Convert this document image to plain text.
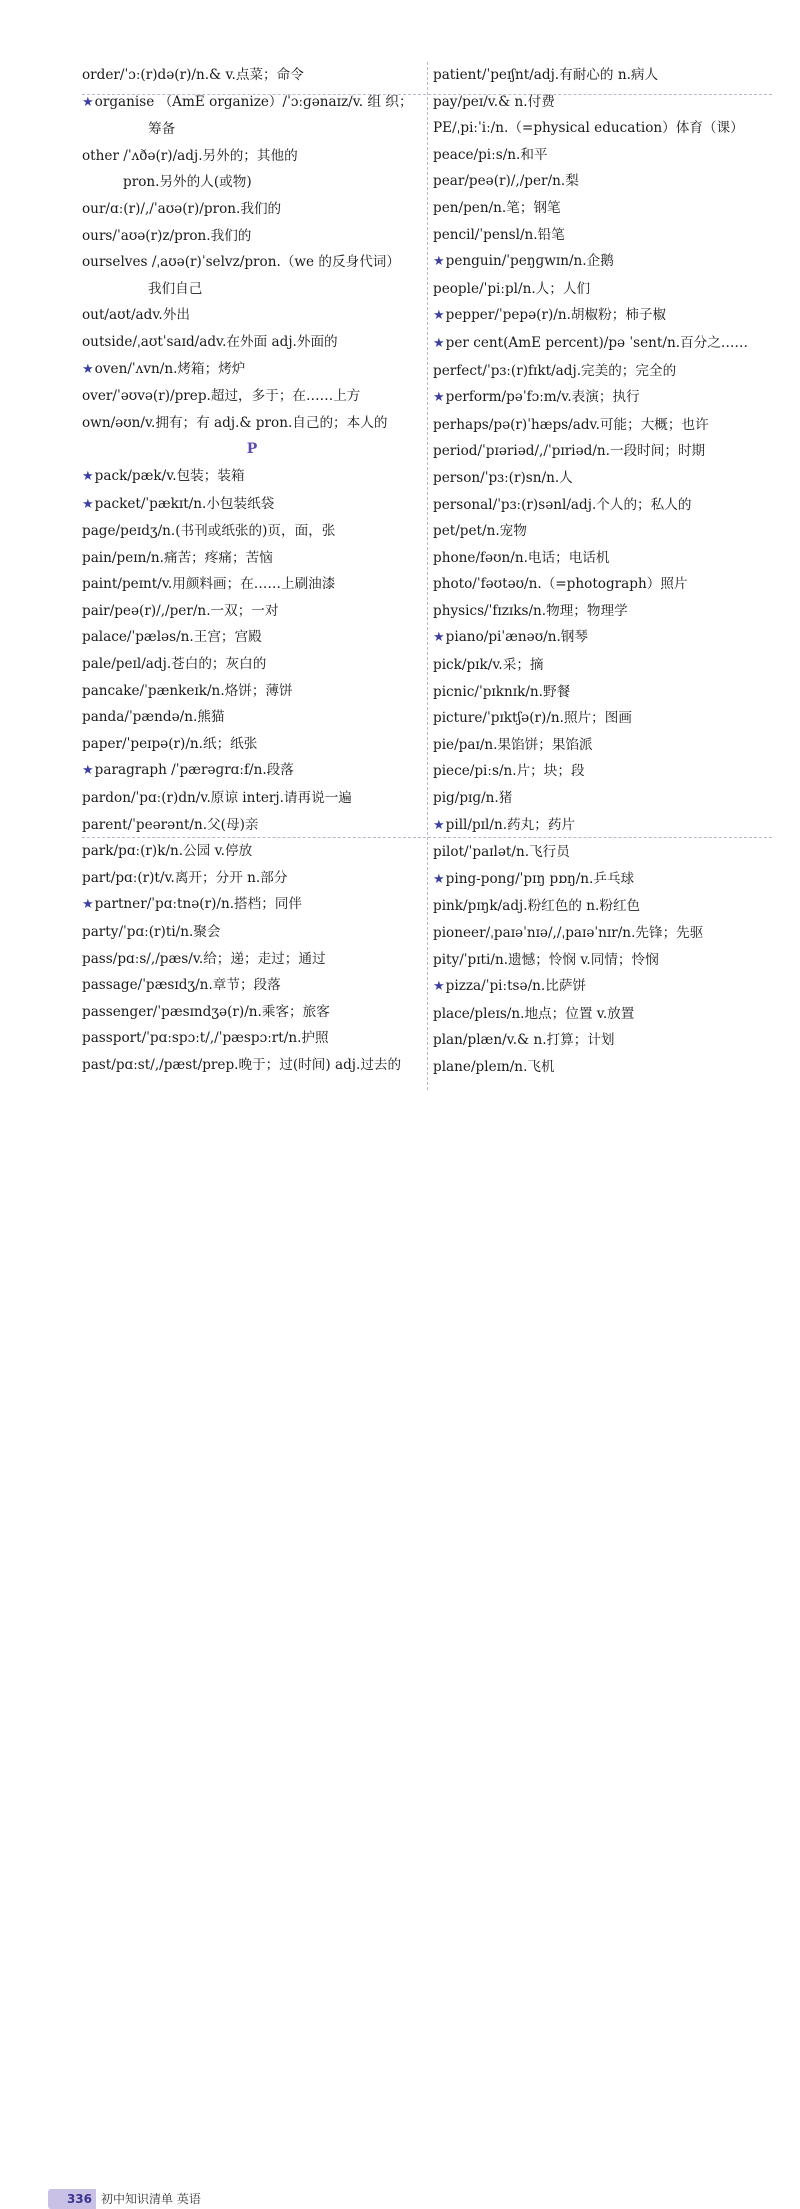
order/ˈɔː(r)də(r)/n.& v.点菜；命令
★organise （AmE organize）/ˈɔːɡənaɪz/v. 组 织；
筹备
other /ˈʌðə(r)/adj.另外的；其他的
pron.另外的人(或物)
our/ɑː(r)/,/ˈaʊə(r)/pron.我们的
ours/ˈaʊə(r)z/pron.我们的
ourselves /ˌaʊə(r)ˈselvz/pron.（we 的反身代词）
我们自己
out/aʊt/adv.外出
outside/ˌaʊtˈsaɪd/adv.在外面 adj.外面的
★oven/ˈʌvn/n.烤箱；烤炉
over/ˈəʊvə(r)/prep.超过，多于；在……上方
own/əʊn/v.拥有；有 adj.& pron.自己的；本人的
P
★pack/pæk/v.包装；装箱
★packet/ˈpækɪt/n.小包装纸袋
page/peɪdʒ/n.(书刊或纸张的)页，面，张
pain/peɪn/n.痛苦；疼痛；苦恼
paint/peɪnt/v.用颜料画；在……上刷油漆
pair/peə(r)/,/per/n.一双；一对
palace/ˈpæləs/n.王宫；宫殿
pale/peɪl/adj.苍白的；灰白的
pancake/ˈpænkeɪk/n.烙饼；薄饼
panda/ˈpændə/n.熊猫
paper/ˈpeɪpə(r)/n.纸；纸张
★paragraph /ˈpærəɡrɑːf/n.段落
pardon/ˈpɑː(r)dn/v.原谅 interj.请再说一遍
parent/ˈpeərənt/n.父(母)亲
park/pɑː(r)k/n.公园 v.停放
part/pɑː(r)t/v.离开；分开 n.部分
★partner/ˈpɑːtnə(r)/n.搭档；同伴
party/ˈpɑː(r)ti/n.聚会
pass/pɑːs/,/pæs/v.给；递；走过；通过
passage/ˈpæsɪdʒ/n.章节；段落
passenger/ˈpæsɪndʒə(r)/n.乘客；旅客
passport/ˈpɑːspɔːt/,/ˈpæspɔːrt/n.护照
past/pɑːst/,/pæst/prep.晚于；过(时间) adj.过去的
patient/ˈpeɪʃnt/adj.有耐心的 n.病人
pay/peɪ/v.& n.付费
PE/ˌpiːˈiː/n.（=physical education）体育（课）
peace/piːs/n.和平
pear/peə(r)/,/per/n.梨
pen/pen/n.笔；钢笔
pencil/ˈpensl/n.铅笔
★penguin/ˈpeŋɡwɪn/n.企鹅
people/ˈpiːpl/n.人；人们
★pepper/ˈpepə(r)/n.胡椒粉；柿子椒
★per cent(AmE percent)/pə ˈsent/n.百分之……
perfect/ˈpɜː(r)fɪkt/adj.完美的；完全的
★perform/pəˈfɔːm/v.表演；执行
perhaps/pə(r)ˈhæps/adv.可能；大概；也许
period/ˈpɪəriəd/,/ˈpɪriəd/n.一段时间；时期
person/ˈpɜː(r)sn/n.人
personal/ˈpɜː(r)sənl/adj.个人的；私人的
pet/pet/n.宠物
phone/fəʊn/n.电话；电话机
photo/ˈfəʊtəʊ/n.（=photograph）照片
physics/ˈfɪzɪks/n.物理；物理学
★piano/piˈænəʊ/n.钢琴
pick/pɪk/v.采；摘
picnic/ˈpɪknɪk/n.野餐
picture/ˈpɪktʃə(r)/n.照片；图画
pie/paɪ/n.果馅饼；果馅派
piece/piːs/n.片；块；段
pig/pɪɡ/n.猪
★pill/pɪl/n.药丸；药片
pilot/ˈpaɪlət/n.飞行员
★ping-pong/ˈpɪŋ pɒŋ/n.乒乓球
pink/pɪŋk/adj.粉红色的 n.粉红色
pioneer/ˌpaɪəˈnɪə/,/ˌpaɪəˈnɪr/n.先锋；先驱
pity/ˈpɪti/n.遗憾；怜悯 v.同情；怜悯
★pizza/ˈpiːtsə/n.比萨饼
place/pleɪs/n.地点；位置 v.放置
plan/plæn/v.& n.打算；计划
plane/pleɪn/n.飞机
336 初中知识清单 英语
